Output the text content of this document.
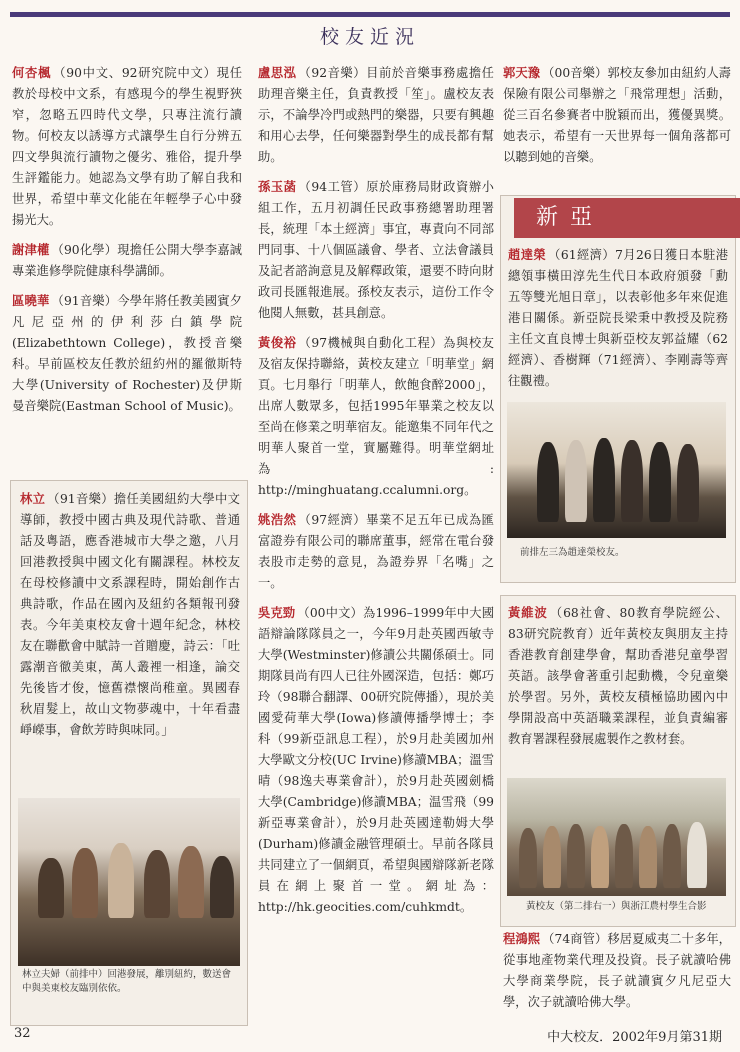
校友近況

何杏楓 （90中文、92研究院中文）現任教於母校中文系，有感現今的學生視野狹窄，忽略五四時代文學，只專注流行讀物。何校友以誘導方式讓學生自行分辨五四文學與流行讀物之優劣、雅俗，提升學生評鑑能力。她認為文學有助了解自我和世界，希望中華文化能在年輕學子心中發揚光大。

謝津權 （90化學）現擔任公開大學李嘉誠專業進修學院健康科學講師。

區曉華 （91音樂）今學年將任教美國賓夕凡尼亞州的伊利莎白鎮學院(Elizabethtown College)，教授音樂科。早前區校友任教於紐約州的羅徹斯特大學(University of Rochester)及伊斯曼音樂院(Eastman School of Music)。

林立 （91音樂）擔任美國紐約大學中文導師，教授中國古典及現代詩歌、普通話及粵語，應香港城市大學之邀，八月回港教授與中國文化有關課程。林校友在母校修讀中文系課程時，開始創作古典詩歌，作品在國內及紐約各類報刊發表。今年美東校友會十週年紀念，林校友在聯歡會中賦詩一首贈慶，詩云：「吐露潮音徹美東，萬人叢裡一相逢，論交先後皆才俊，憶舊襟懷尚稚童。異國春秋眉髮上，故山文物夢魂中，十年看盡崢嶸事，會飲芳時與味同。」

林立夫婦（前排中）回港發展，離別紐約，數送會中與美東校友臨別依依。

盧思泓 （92音樂）目前於音樂事務處擔任助理音樂主任，負責教授「笙」。盧校友表示，不論學冷門或熱門的樂器，只要有興趣和用心去學，任何樂器對學生的成長都有幫助。

孫玉菡 （94工管）原於庫務局財政資辦小組工作，五月初調任民政事務總署助理署長，統理「本土經濟」事宜，專責向不同部門同事、十八個區議會、學者、立法會議員及記者諮詢意見及解釋政策，還要不時向財政司長匯報進展。孫校友表示，這份工作令他閱人無數，甚具創意。

黃俊裕 （97機械與自動化工程）為與校友及宿友保持聯絡，黃校友建立「明華堂」網頁。七月舉行「明華人，飲飽食醉2000」，出席人數眾多，包括1995年畢業之校友以至尚在修業之明華宿友。能邀集不同年代之明華人聚首一堂，實屬難得。明華堂網址為: http://minghuatang.ccalumni.org。

姚浩然 （97經濟）畢業不足五年已成為匯富證券有限公司的聯席董事，經常在電台發表股市走勢的意見，為證券界「名嘴」之一。

吳克勁 （00中文）為1996–1999年中大國語辯論隊隊員之一，今年9月赴英國西敏寺大學(Westminster)修讀公共關係碩士。同期隊員尚有四人已往外國深造，包括：鄭巧玲（98聯合翻譯、00研究院傳播），現於美國愛荷華大學(Iowa)修讀傳播學博士；李科（99新亞訊息工程），於9月赴美國加州大學歐文分校(UC Irvine)修讀MBA；溫雪晴（98逸夫專業會計），於9月赴英國劍橋大學(Cambridge)修讀MBA；温雪飛（99新亞專業會計），於9月赴英國達勒姆大學(Durham)修讀金融管理碩士。早前各隊員共同建立了一個網頁，希望與國辯隊新老隊員在網上聚首一堂。網址為：http://hk.geocities.com/cuhkmdt。

郭天豫 （00音樂）郭校友參加由紐約人壽保險有限公司舉辦之「飛常理想」活動，從三百名參賽者中脫穎而出，獲優異獎。她表示，希望有一天世界每一個角落都可以聽到她的音樂。

新亞

趙達榮 （61經濟）7月26日獲日本駐港總領事橫田淳先生代日本政府頒發「勳五等雙光旭日章」，以表彰他多年來促進港日關係。新亞院長梁秉中教授及院務主任文直良博士與新亞校友郭益耀（62經濟）、香樹輝（71經濟）、李剛壽等齊往觀禮。

前排左三為趙達榮校友。

黃維波 （68社會、80教育學院經公、83研究院教育）近年黃校友與朋友主持香港教育創建學會，幫助香港兒童學習英語。該學會著重引起動機，令兒童樂於學習。另外，黃校友積極協助國內中學開設高中英語職業課程，並負責編審教育署課程發展處製作之教材套。

黃校友（第二排右一）與浙江農村學生合影

程鴻熙 （74商管）移居夏威夷二十多年，從事地產物業代理及投資。長子就讀哈佛大學商業學院，長子就讀賓夕凡尼亞大學，次子就讀哈佛大學。

32	中大校友．2002年9月第31期
